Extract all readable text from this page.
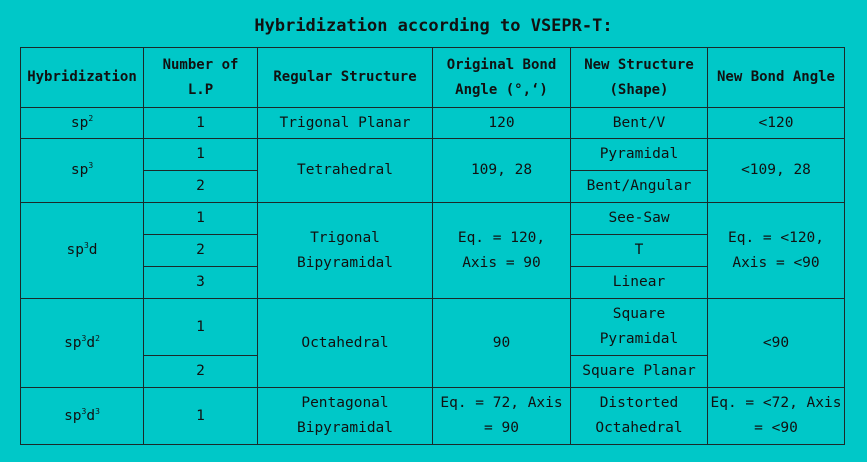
Hybridization according to VSEPR-T:
Hybridization	Number of L.P	Regular Structure	Original Bond Angle (°,‘)	New Structure (Shape)	New Bond Angle
$sp^2$	1	Trigonal Planar	120	Bent/V	<120
$sp^3$	1	Tetrahedral	109, 28	Pyramidal	<109, 28
	2			Bent/Angular	
$sp^3d$	1	Trigonal Bipyramidal	Eq. = 120, Axis = 90	See-Saw	Eq. = <120, Axis = <90

	2			T	
	3			Linear	
$sp^3d^2$	1	Octahedral	90	Square Pyramidal	<90
	2			Square Planar	
$sp^3d^3$	1	Pentagonal Bipyramidal	Eq. = 72, Axis = 90	Distorted Octahedral	Eq. = <72, Axis = <90
